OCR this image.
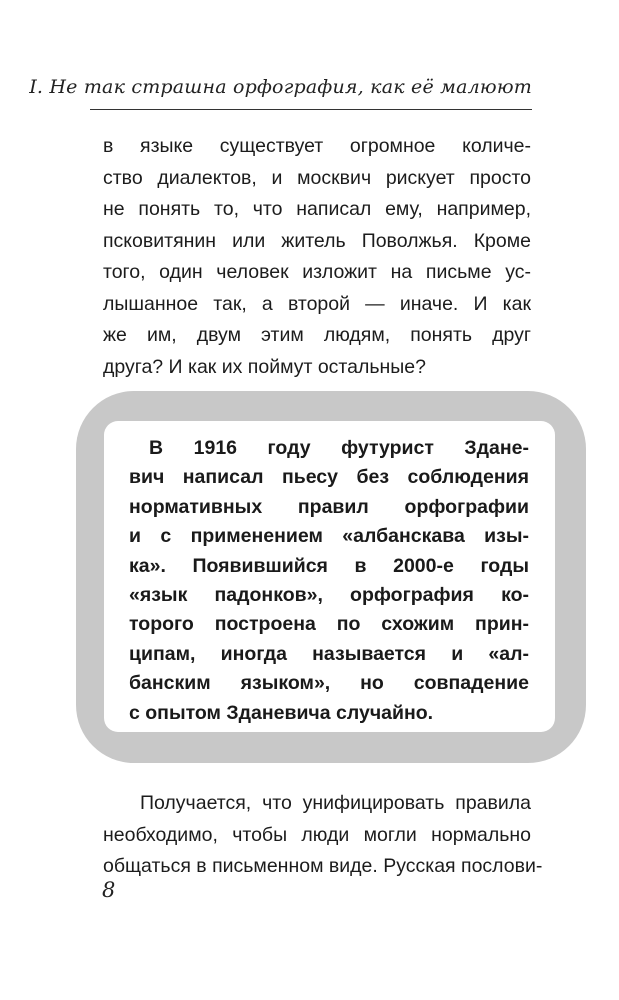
I. Не так страшна орфография, как её малюют
в языке существует огромное количе-
ство диалектов, и москвич рискует просто
не понять то, что написал ему, например,
псковитянин или житель Поволжья. Кроме
того, один человек изложит на письме ус-
лышанное так, а второй — иначе. И как
же им, двум этим людям, понять друг
друга? И как их поймут остальные?
В 1916 году футурист Здане-
вич написал пьесу без соблюдения
нормативных правил орфографии
и с применением «албанскава изы-
ка». Появившийся в 2000-е годы
«язык падонков», орфография ко-
торого построена по схожим прин-
ципам, иногда называется и «ал-
банским языком», но совпадение
с опытом Зданевича случайно.
Получается, что унифицировать правила
необходимо, чтобы люди могли нормально
общаться в письменном виде. Русская послови-
8
